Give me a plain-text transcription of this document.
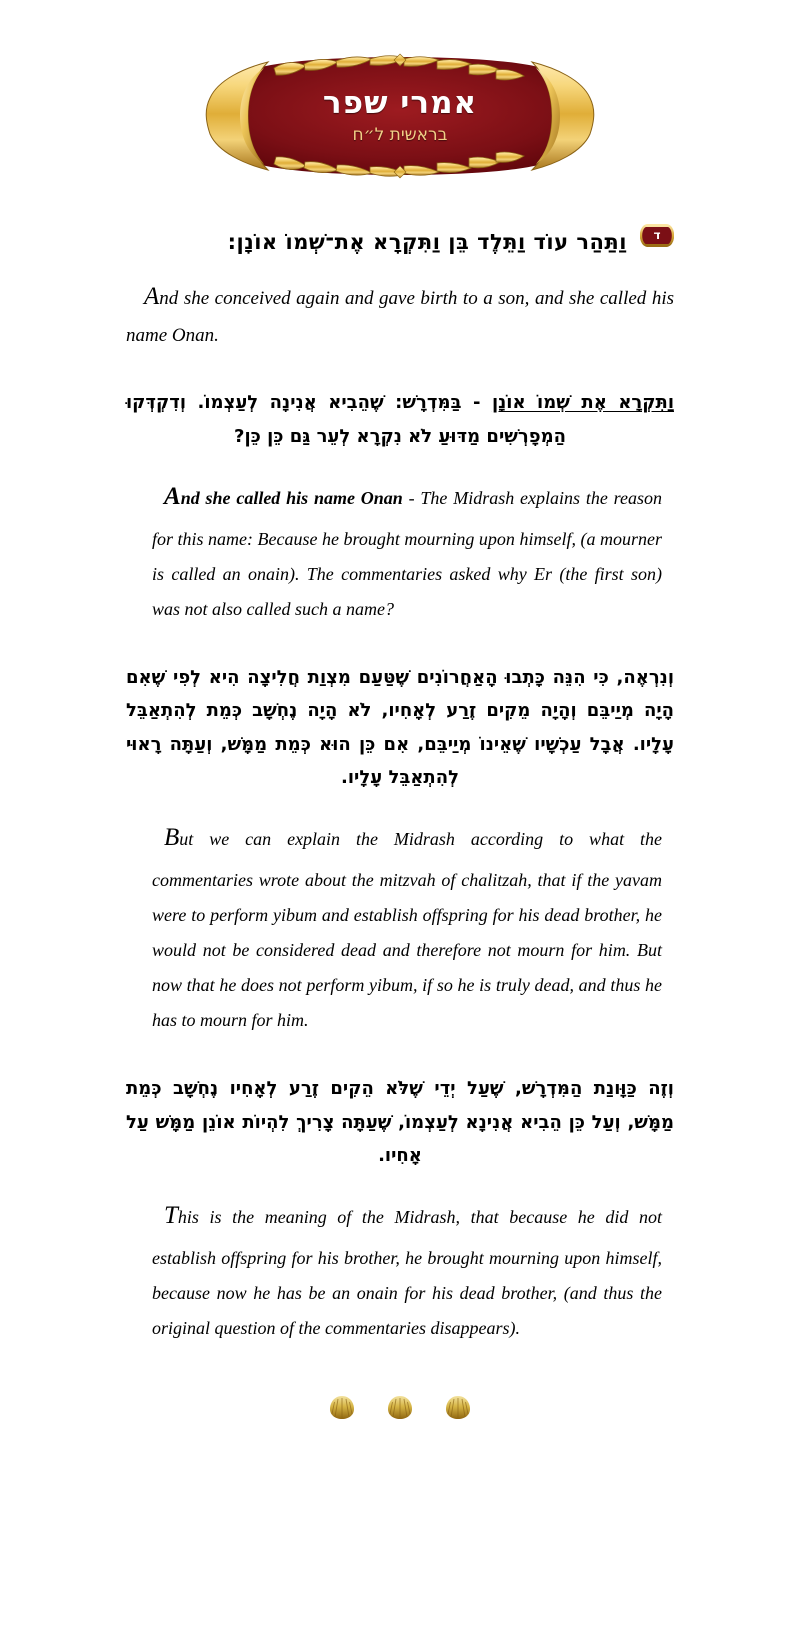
אמרי שפר
בראשית ל״ח
ד
וַתַּהַר עוֹד וַתֵּלֶד בֵּן וַתִּקְרָא אֶת־שְׁמוֹ אוֹנָן:
And she conceived again and gave birth to a son, and she called his name Onan.
וַתִּקְרָא אֶת שְׁמוֹ אוֹנָן - בַּמִּדְרָשׁ: שֶׁהֵבִיא אֲנִינָה לְעַצְמוֹ. וְדִקְדְּקוּ הַמְפָרְשִׁים מַדּוּעַ לֹא נִקְרָא לְעֵר גַּם כֵּן כֵּן?
And she called his name Onan - The Midrash explains the reason for this name: Because he brought mourning upon himself, (a mourner is called an onain). The commentaries asked why Er (the first son) was not also called such a name?
וְנִרְאֶה, כִּי הִנֵּה כָּתְבוּ הָאַחֲרוֹנִים שֶׁטַּעַם מִצְוַת חֲלִיצָה הִיא לְפִי שֶׁאִם הָיָה מְיַיבֵּם וְהָיָה מֵקִים זֶרַע לְאָחִיו, לֹא הָיָה נֶחְשָׁב כְּמֵת לְהִתְאַבֵּל עָלָיו. אֲבָל עַכְשָׁיו שֶׁאֵינוֹ מְיַיבֵּם, אִם כֵּן הוּא כְּמֵת מַמָּשׁ, וְעַתָּה רָאוּי לְהִתְאַבֵּל עָלָיו.
But we can explain the Midrash according to what the commentaries wrote about the mitzvah of chalitzah, that if the yavam were to perform yibum and establish offspring for his dead brother, he would not be considered dead and therefore not mourn for him. But now that he does not perform yibum, if so he is truly dead, and thus he has to mourn for him.
וְזֶה כַּוָּונַת הַמִּדְרָשׁ, שֶׁעַל יְדֵי שֶׁלֹּא הֵקִים זֶרַע לְאָחִיו נֶחְשָׁב כְּמֵת מַמָּשׁ, וְעַל כֵּן הֵבִיא אֲנִינָא לְעַצְמוֹ, שֶׁעַתָּה צָרִיךְ לִהְיוֹת אוֹנֵן מַמָּשׁ עַל אָחִיו.
This is the meaning of the Midrash, that because he did not establish offspring for his brother, he brought mourning upon himself, because now he has be an onain for his dead brother, (and thus the original question of the commentaries disappears).
